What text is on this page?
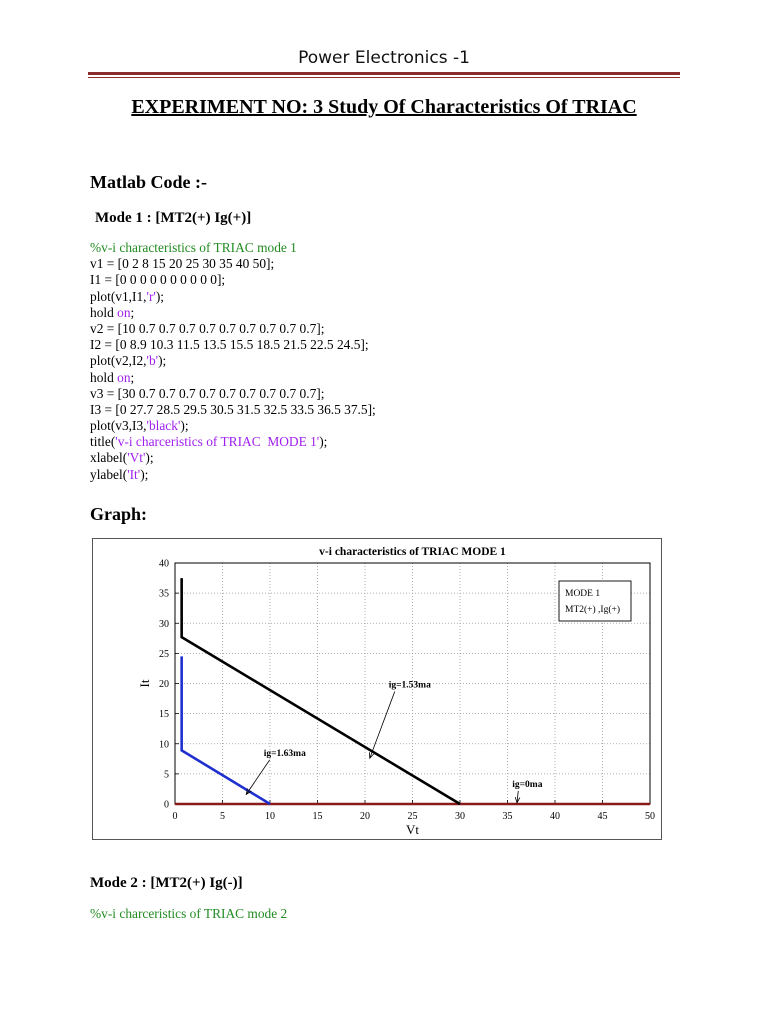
Power Electronics -1
EXPERIMENT NO: 3 Study Of Characteristics Of TRIAC
Matlab Code :-
Mode 1 : [MT2(+) Ig(+)]
%v-i characteristics of TRIAC mode 1
v1 = [0 2 8 15 20 25 30 35 40 50];
I1 = [0 0 0 0 0 0 0 0 0 0];
plot(v1,I1,'r');
hold on;
v2 = [10 0.7 0.7 0.7 0.7 0.7 0.7 0.7 0.7 0.7];
I2 = [0 8.9 10.3 11.5 13.5 15.5 18.5 21.5 22.5 24.5];
plot(v2,I2,'b');
hold on;
v3 = [30 0.7 0.7 0.7 0.7 0.7 0.7 0.7 0.7 0.7];
I3 = [0 27.7 28.5 29.5 30.5 31.5 32.5 33.5 36.5 37.5];
plot(v3,I3,'black');
title('v-i charceristics of TRIAC  MODE 1');
xlabel('Vt');
ylabel('It');
Graph:
0	5	10	15	20	25	30	35	40	45	50
0
5
10
15
20
25
30
35
40
v-i characteristics of TRIAC MODE 1
Vt
It
ig=1.63ma
ig=1.53ma
ig=0ma
MODE 1
MT2(+) ,Ig(+)
Mode 2 : [MT2(+) Ig(-)]
%v-i charceristics of TRIAC mode 2
